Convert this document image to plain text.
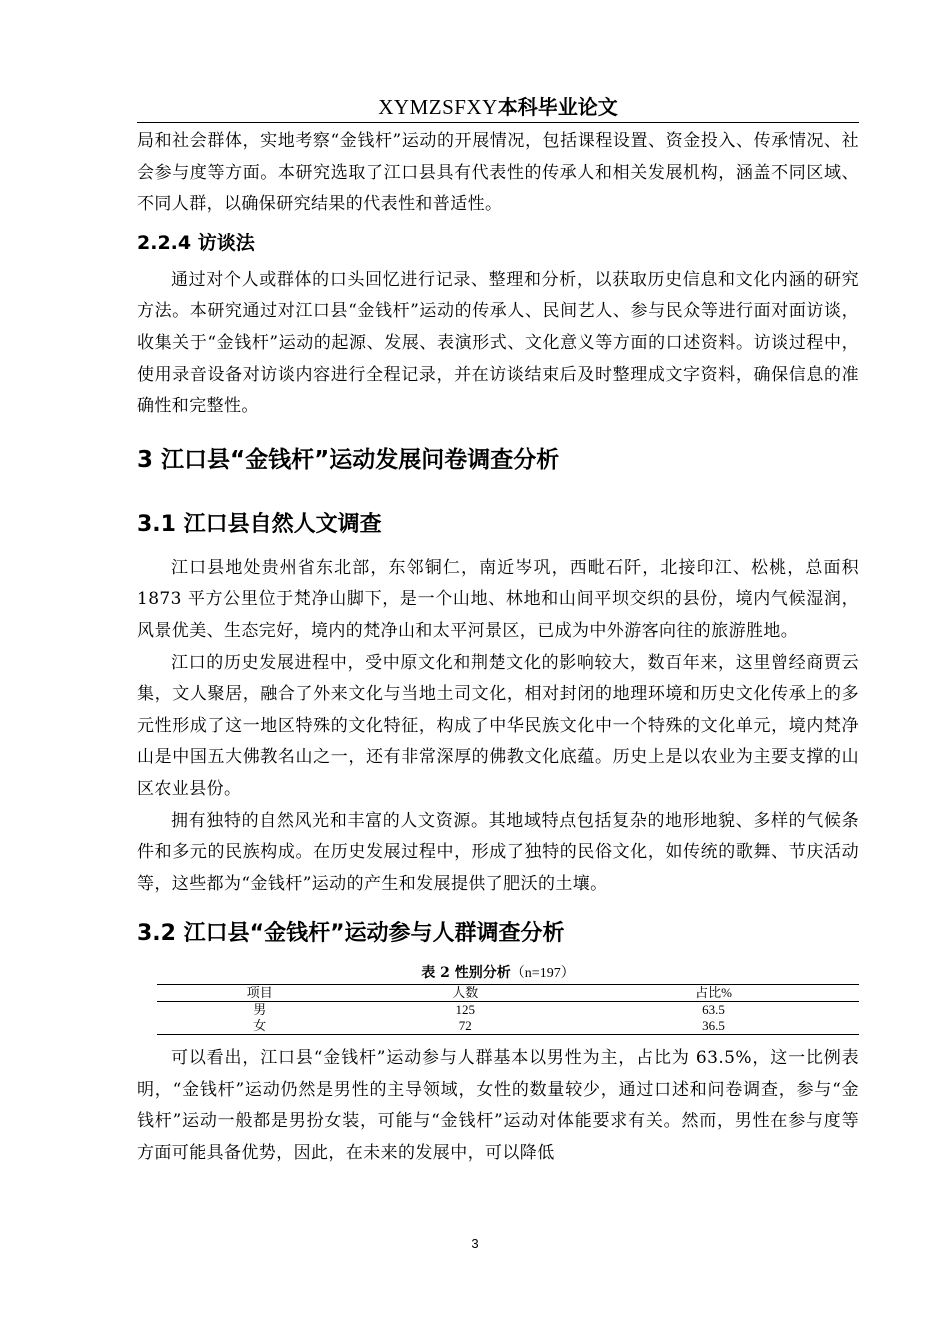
XYMZSFXY本科毕业论文

局和社会群体，实地考察“金钱杆”运动的开展情况，包括课程设置、资金投入、传承情况、社会参与度等方面。本研究选取了江口县具有代表性的传承人和相关发展机构，涵盖不同区域、不同人群，以确保研究结果的代表性和普适性。

2.2.4 访谈法

通过对个人或群体的口头回忆进行记录、整理和分析，以获取历史信息和文化内涵的研究方法。本研究通过对江口县“金钱杆”运动的传承人、民间艺人、参与民众等进行面对面访谈，收集关于“金钱杆”运动的起源、发展、表演形式、文化意义等方面的口述资料。访谈过程中，使用录音设备对访谈内容进行全程记录，并在访谈结束后及时整理成文字资料，确保信息的准确性和完整性。

3 江口县“金钱杆”运动发展问卷调查分析
3.1 江口县自然人文调查

江口县地处贵州省东北部，东邻铜仁，南近岑巩，西毗石阡，北接印江、松桃，总面积 1873 平方公里位于梵净山脚下，是一个山地、林地和山间平坝交织的县份，境内气候湿润，风景优美、生态完好，境内的梵净山和太平河景区，已成为中外游客向往的旅游胜地。

江口的历史发展进程中，受中原文化和荆楚文化的影响较大，数百年来，这里曾经商贾云集，文人聚居，融合了外来文化与当地土司文化，相对封闭的地理环境和历史文化传承上的多元性形成了这一地区特殊的文化特征，构成了中华民族文化中一个特殊的文化单元，境内梵净山是中国五大佛教名山之一，还有非常深厚的佛教文化底蕴。历史上是以农业为主要支撑的山区农业县份。

拥有独特的自然风光和丰富的人文资源。其地域特点包括复杂的地形地貌、多样的气候条件和多元的民族构成。在历史发展过程中，形成了独特的民俗文化，如传统的歌舞、节庆活动等，这些都为“金钱杆”运动的产生和发展提供了肥沃的土壤。

3.2 江口县“金钱杆”运动参与人群调查分析

表 2 性别分析（n=197）

项目	人数	占比%
男	125	63.5
女	72	36.5

可以看出，江口县“金钱杆”运动参与人群基本以男性为主，占比为 63.5%，这一比例表明，“金钱杆”运动仍然是男性的主导领域，女性的数量较少，通过口述和问卷调查，参与“金钱杆”运动一般都是男扮女装，可能与“金钱杆”运动对体能要求有关。然而，男性在参与度等方面可能具备优势，因此，在未来的发展中，可以降低

3
